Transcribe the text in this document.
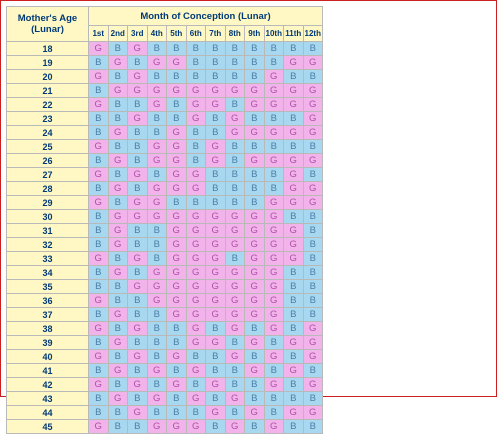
Mother's Age (Lunar)	Month of Conception (Lunar)											
	1st	2nd	3rd	4th	5th	6th	7th	8th	9th	10th	11th	12th
18	G	B	G	B	B	B	B	B	B	B	B	B
19	B	G	B	G	G	B	B	B	B	B	G	G
20	G	B	G	B	B	B	B	B	B	G	B	B
21	B	G	G	G	G	G	G	G	G	G	G	G
22	G	B	B	G	B	G	G	B	G	G	G	G
23	B	B	G	B	B	G	B	G	B	B	B	G
24	B	G	B	B	G	B	B	G	G	G	G	G
25	G	B	B	G	G	B	G	B	B	B	B	B
26	B	G	B	G	G	B	G	B	G	G	G	G
27	G	B	G	B	G	G	B	B	B	B	G	B
28	B	G	B	G	G	G	B	B	B	B	G	G
29	G	B	G	G	B	B	B	B	B	G	G	G
30	B	G	G	G	G	G	G	G	G	G	B	B
31	B	G	B	B	G	G	G	G	G	G	G	B
32	B	G	B	B	G	G	G	G	G	G	G	B
33	G	B	G	B	G	G	G	B	G	G	G	B
34	B	G	B	G	G	G	G	G	G	G	B	B
35	B	B	G	G	G	G	G	G	G	G	B	B
36	G	B	B	G	G	G	G	G	G	G	B	B
37	B	G	B	B	G	G	G	G	G	G	B	B
38	G	B	G	B	B	G	B	G	B	G	B	G
39	B	G	B	B	B	G	G	B	G	B	G	G
40	G	B	G	B	G	B	B	G	B	G	B	G
41	B	G	B	G	B	G	B	B	G	B	G	B
42	G	B	G	B	G	B	G	B	B	G	B	G
43	B	G	B	G	B	G	B	G	B	B	B	B
44	B	B	G	B	B	B	G	B	G	B	G	G
45	G	B	B	G	G	G	B	G	B	G	B	B
